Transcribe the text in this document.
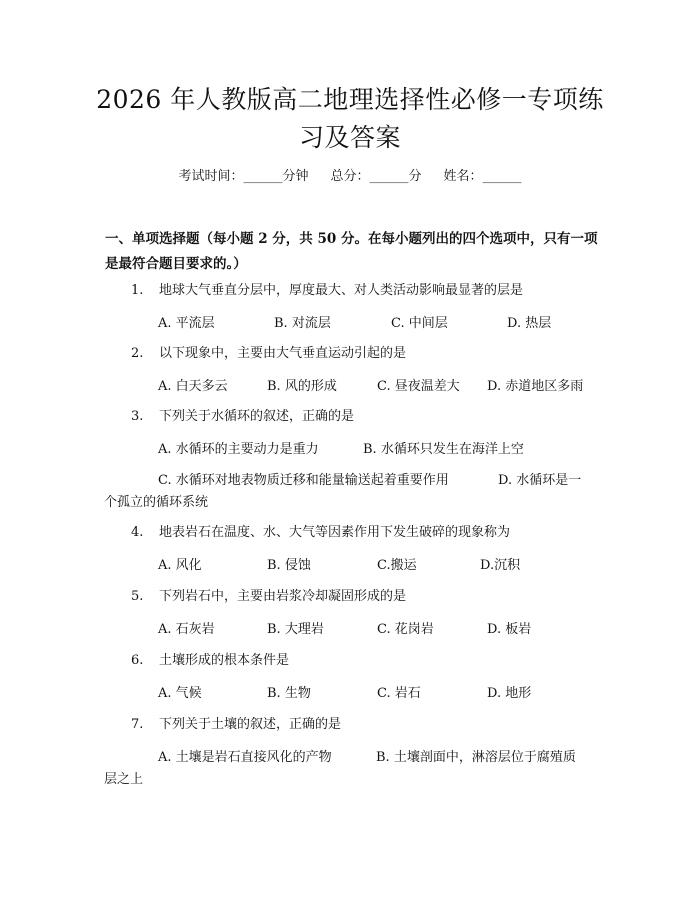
2026 年人教版高二地理选择性必修一专项练
习及答案
考试时间：______分钟 总分：______分 姓名：______
一、单项选择题（每小题 2 分，共 50 分。在每小题列出的四个选项中，只有一项
是最符合题目要求的。）
1. 地球大气垂直分层中，厚度最大、对人类活动影响最显著的层是
A. 平流层	B. 对流层	C. 中间层	D. 热层
2. 以下现象中，主要由大气垂直运动引起的是
A. 白天多云	B. 风的形成	C. 昼夜温差大 D. 赤道地区多雨
3. 下列关于水循环的叙述，正确的是
A. 水循环的主要动力是重力	B. 水循环只发生在海洋上空
C. 水循环对地表物质迁移和能量输送起着重要作用	D. 水循环是一
个孤立的循环系统
4. 地表岩石在温度、水、大气等因素作用下发生破碎的现象称为
A. 风化	B. 侵蚀	C.搬运	D.沉积
5. 下列岩石中，主要由岩浆冷却凝固形成的是
A. 石灰岩	B. 大理岩	C. 花岗岩	D. 板岩
6. 土壤形成的根本条件是
A. 气候	B. 生物	C. 岩石	D. 地形
7. 下列关于土壤的叙述，正确的是
A. 土壤是岩石直接风化的产物	B. 土壤剖面中，淋溶层位于腐殖质
层之上
